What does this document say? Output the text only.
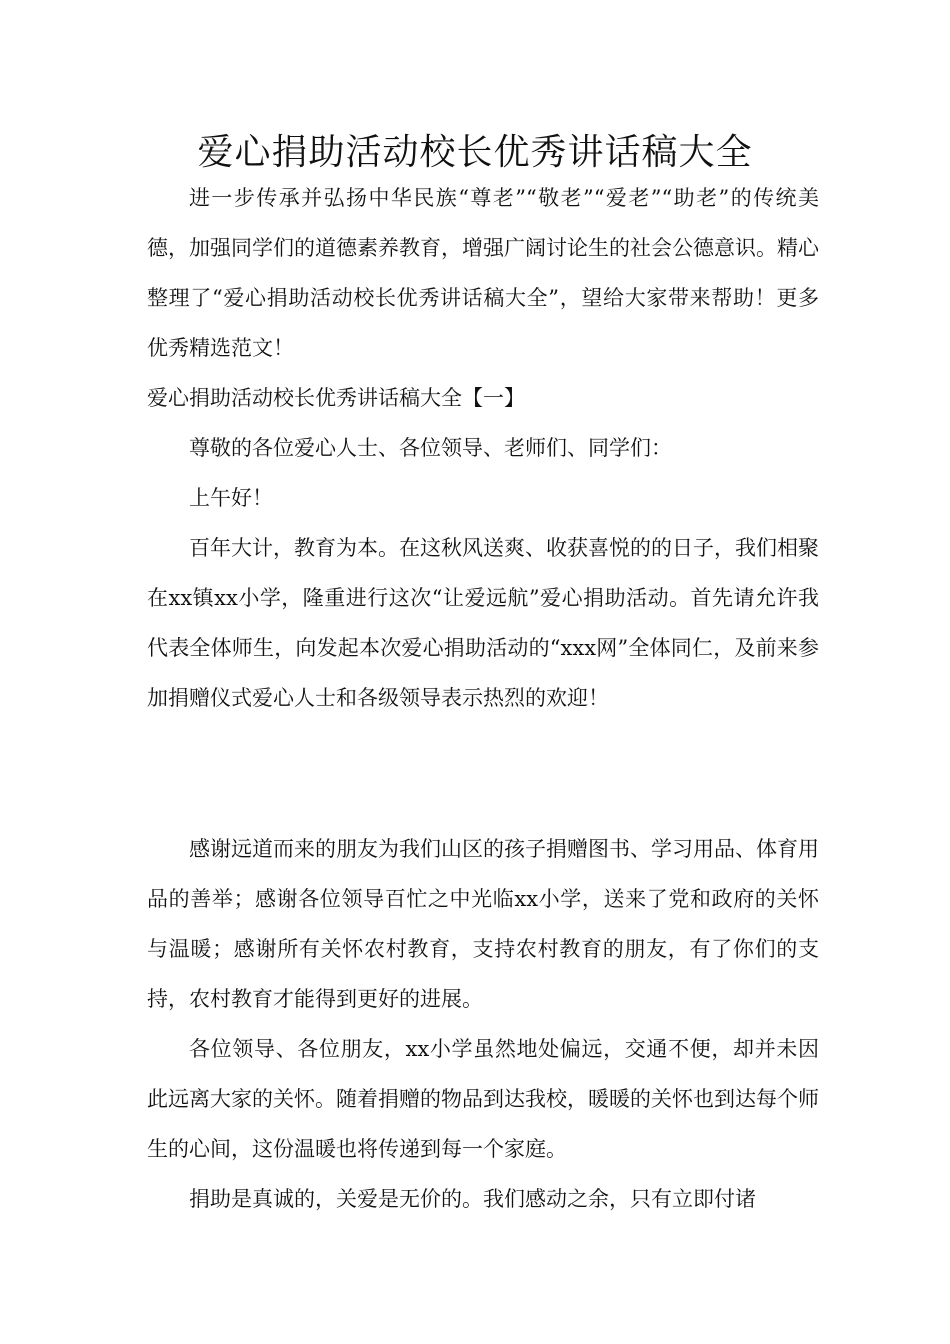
爱心捐助活动校长优秀讲话稿大全

进一步传承并弘扬中华民族“尊老”“敬老”“爱老”“助老”的传统美德，加强同学们的道德素养教育，增强广阔讨论生的社会公德意识。精心整理了“爱心捐助活动校长优秀讲话稿大全”，望给大家带来帮助！更多优秀精选范文！

爱心捐助活动校长优秀讲话稿大全【一】

尊敬的各位爱心人士、各位领导、老师们、同学们：

上午好！

百年大计，教育为本。在这秋风送爽、收获喜悦的的日子，我们相聚在xx镇xx小学，隆重进行这次“让爱远航”爱心捐助活动。首先请允许我代表全体师生，向发起本次爱心捐助活动的“xxx网”全体同仁，及前来参加捐赠仪式爱心人士和各级领导表示热烈的欢迎！

感谢远道而来的朋友为我们山区的孩子捐赠图书、学习用品、体育用品的善举；感谢各位领导百忙之中光临xx小学，送来了党和政府的关怀与温暖；感谢所有关怀农村教育，支持农村教育的朋友，有了你们的支持，农村教育才能得到更好的进展。

各位领导、各位朋友，xx小学虽然地处偏远，交通不便，却并未因此远离大家的关怀。随着捐赠的物品到达我校，暖暖的关怀也到达每个师生的心间，这份温暖也将传递到每一个家庭。

捐助是真诚的，关爱是无价的。我们感动之余，只有立即付诸
